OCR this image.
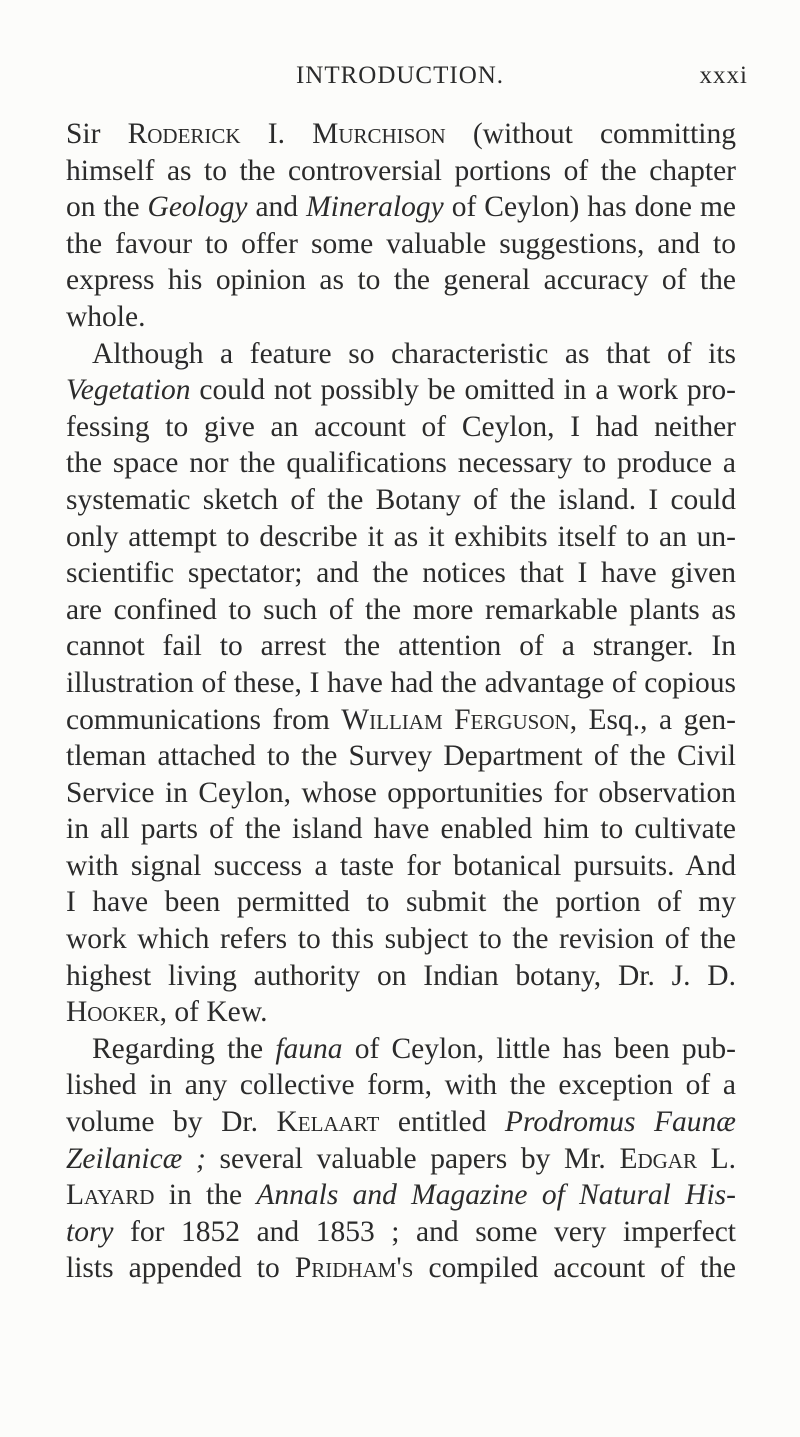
INTRODUCTION.	xxxi
Sir Roderick I. Murchison (without committing
himself as to the controversial portions of the chapter
on the Geology and Mineralogy of Ceylon) has done me
the favour to offer some valuable suggestions, and to
express his opinion as to the general accuracy of the
whole.
Although a feature so characteristic as that of its
Vegetation could not possibly be omitted in a work pro-
fessing to give an account of Ceylon, I had neither
the space nor the qualifications necessary to produce a
systematic sketch of the Botany of the island. I could
only attempt to describe it as it exhibits itself to an un-
scientific spectator; and the notices that I have given
are confined to such of the more remarkable plants as
cannot fail to arrest the attention of a stranger. In
illustration of these, I have had the advantage of copious
communications from William Ferguson, Esq., a gen-
tleman attached to the Survey Department of the Civil
Service in Ceylon, whose opportunities for observation
in all parts of the island have enabled him to cultivate
with signal success a taste for botanical pursuits. And
I have been permitted to submit the portion of my
work which refers to this subject to the revision of the
highest living authority on Indian botany, Dr. J. D.
Hooker, of Kew.
Regarding the fauna of Ceylon, little has been pub-
lished in any collective form, with the exception of a
volume by Dr. Kelaart entitled Prodromus Faunæ
Zeilanicæ ; several valuable papers by Mr. Edgar L.
Layard in the Annals and Magazine of Natural His-
tory for 1852 and 1853 ; and some very imperfect
lists appended to Pridham's compiled account of the
